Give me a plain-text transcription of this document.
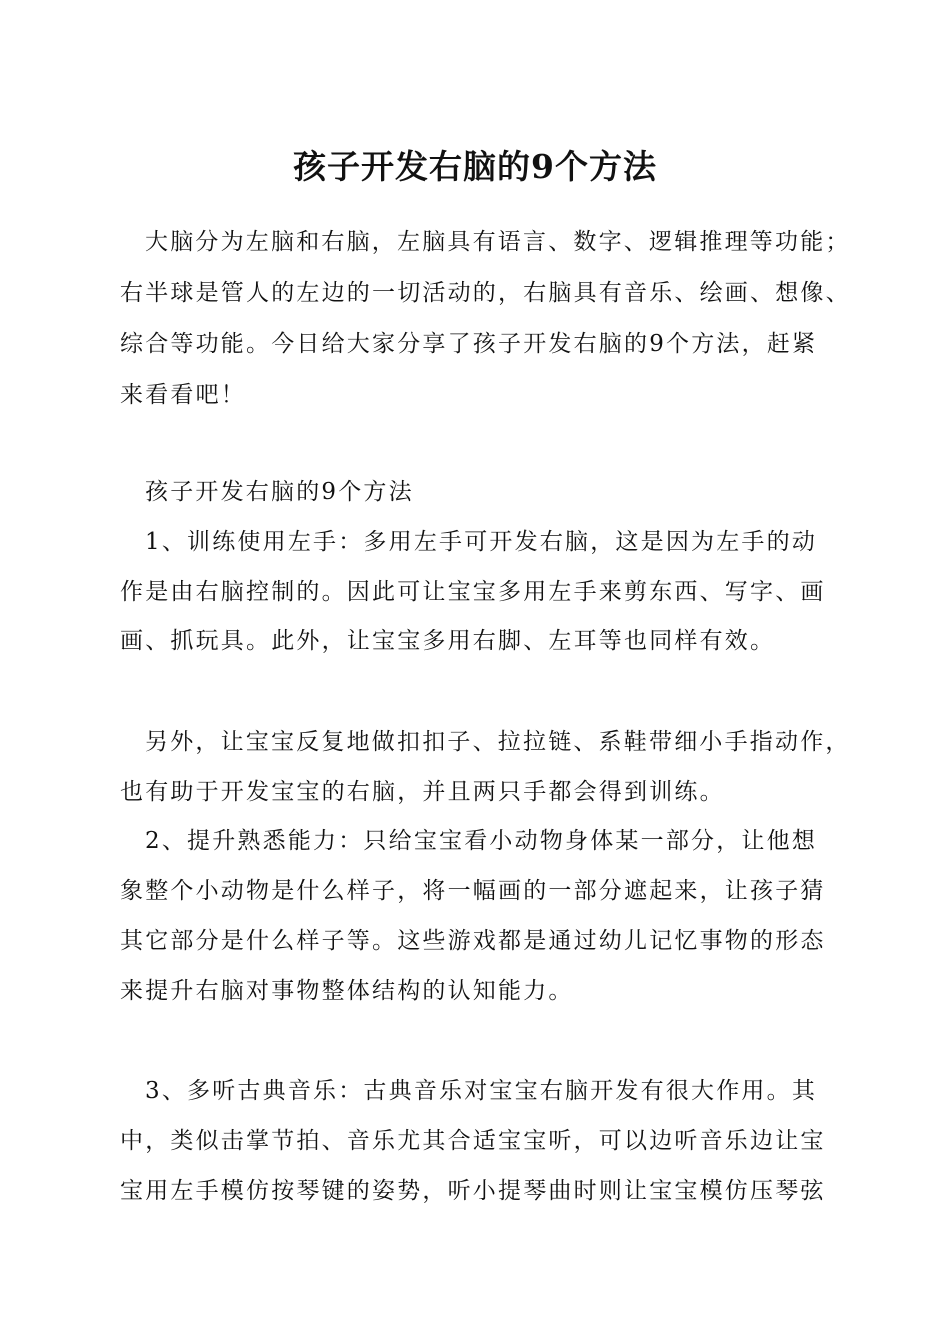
孩子开发右脑的9个方法
大脑分为左脑和右脑，左脑具有语言、数字、逻辑推理等功能；
右半球是管人的左边的一切活动的，右脑具有音乐、绘画、想像、
综合等功能。今日给大家分享了孩子开发右脑的9个方法，赶紧
来看看吧！
孩子开发右脑的9个方法
1、训练使用左手：多用左手可开发右脑，这是因为左手的动
作是由右脑控制的。因此可让宝宝多用左手来剪东西、写字、画
画、抓玩具。此外，让宝宝多用右脚、左耳等也同样有效。
另外，让宝宝反复地做扣扣子、拉拉链、系鞋带细小手指动作，
也有助于开发宝宝的右脑，并且两只手都会得到训练。
2、提升熟悉能力：只给宝宝看小动物身体某一部分，让他想
象整个小动物是什么样子，将一幅画的一部分遮起来，让孩子猜
其它部分是什么样子等。这些游戏都是通过幼儿记忆事物的形态
来提升右脑对事物整体结构的认知能力。
3、多听古典音乐：古典音乐对宝宝右脑开发有很大作用。其
中，类似击掌节拍、音乐尤其合适宝宝听，可以边听音乐边让宝
宝用左手模仿按琴键的姿势，听小提琴曲时则让宝宝模仿压琴弦
